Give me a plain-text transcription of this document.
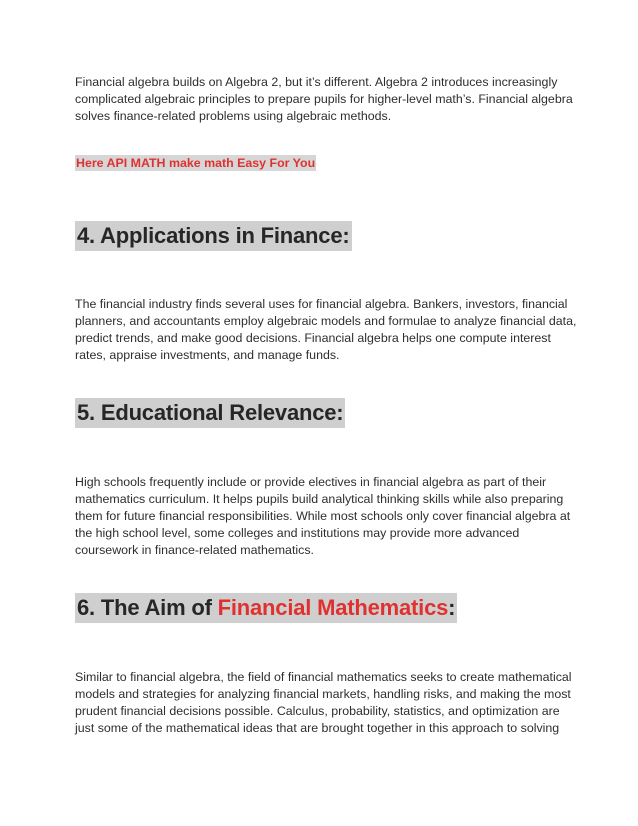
Financial algebra builds on Algebra 2, but it’s different. Algebra 2 introduces increasingly
complicated algebraic principles to prepare pupils for higher-level math’s. Financial algebra
solves finance-related problems using algebraic methods.

Here API MATH make math Easy For You
4. Applications in Finance:

The financial industry finds several uses for financial algebra. Bankers, investors, financial
planners, and accountants employ algebraic models and formulae to analyze financial data,
predict trends, and make good decisions. Financial algebra helps one compute interest
rates, appraise investments, and manage funds.

5. Educational Relevance:

High schools frequently include or provide electives in financial algebra as part of their
mathematics curriculum. It helps pupils build analytical thinking skills while also preparing
them for future financial responsibilities. While most schools only cover financial algebra at
the high school level, some colleges and institutions may provide more advanced
coursework in finance-related mathematics.

6. The Aim of Financial Mathematics:

Similar to financial algebra, the field of financial mathematics seeks to create mathematical
models and strategies for analyzing financial markets, handling risks, and making the most
prudent financial decisions possible. Calculus, probability, statistics, and optimization are
just some of the mathematical ideas that are brought together in this approach to solving
